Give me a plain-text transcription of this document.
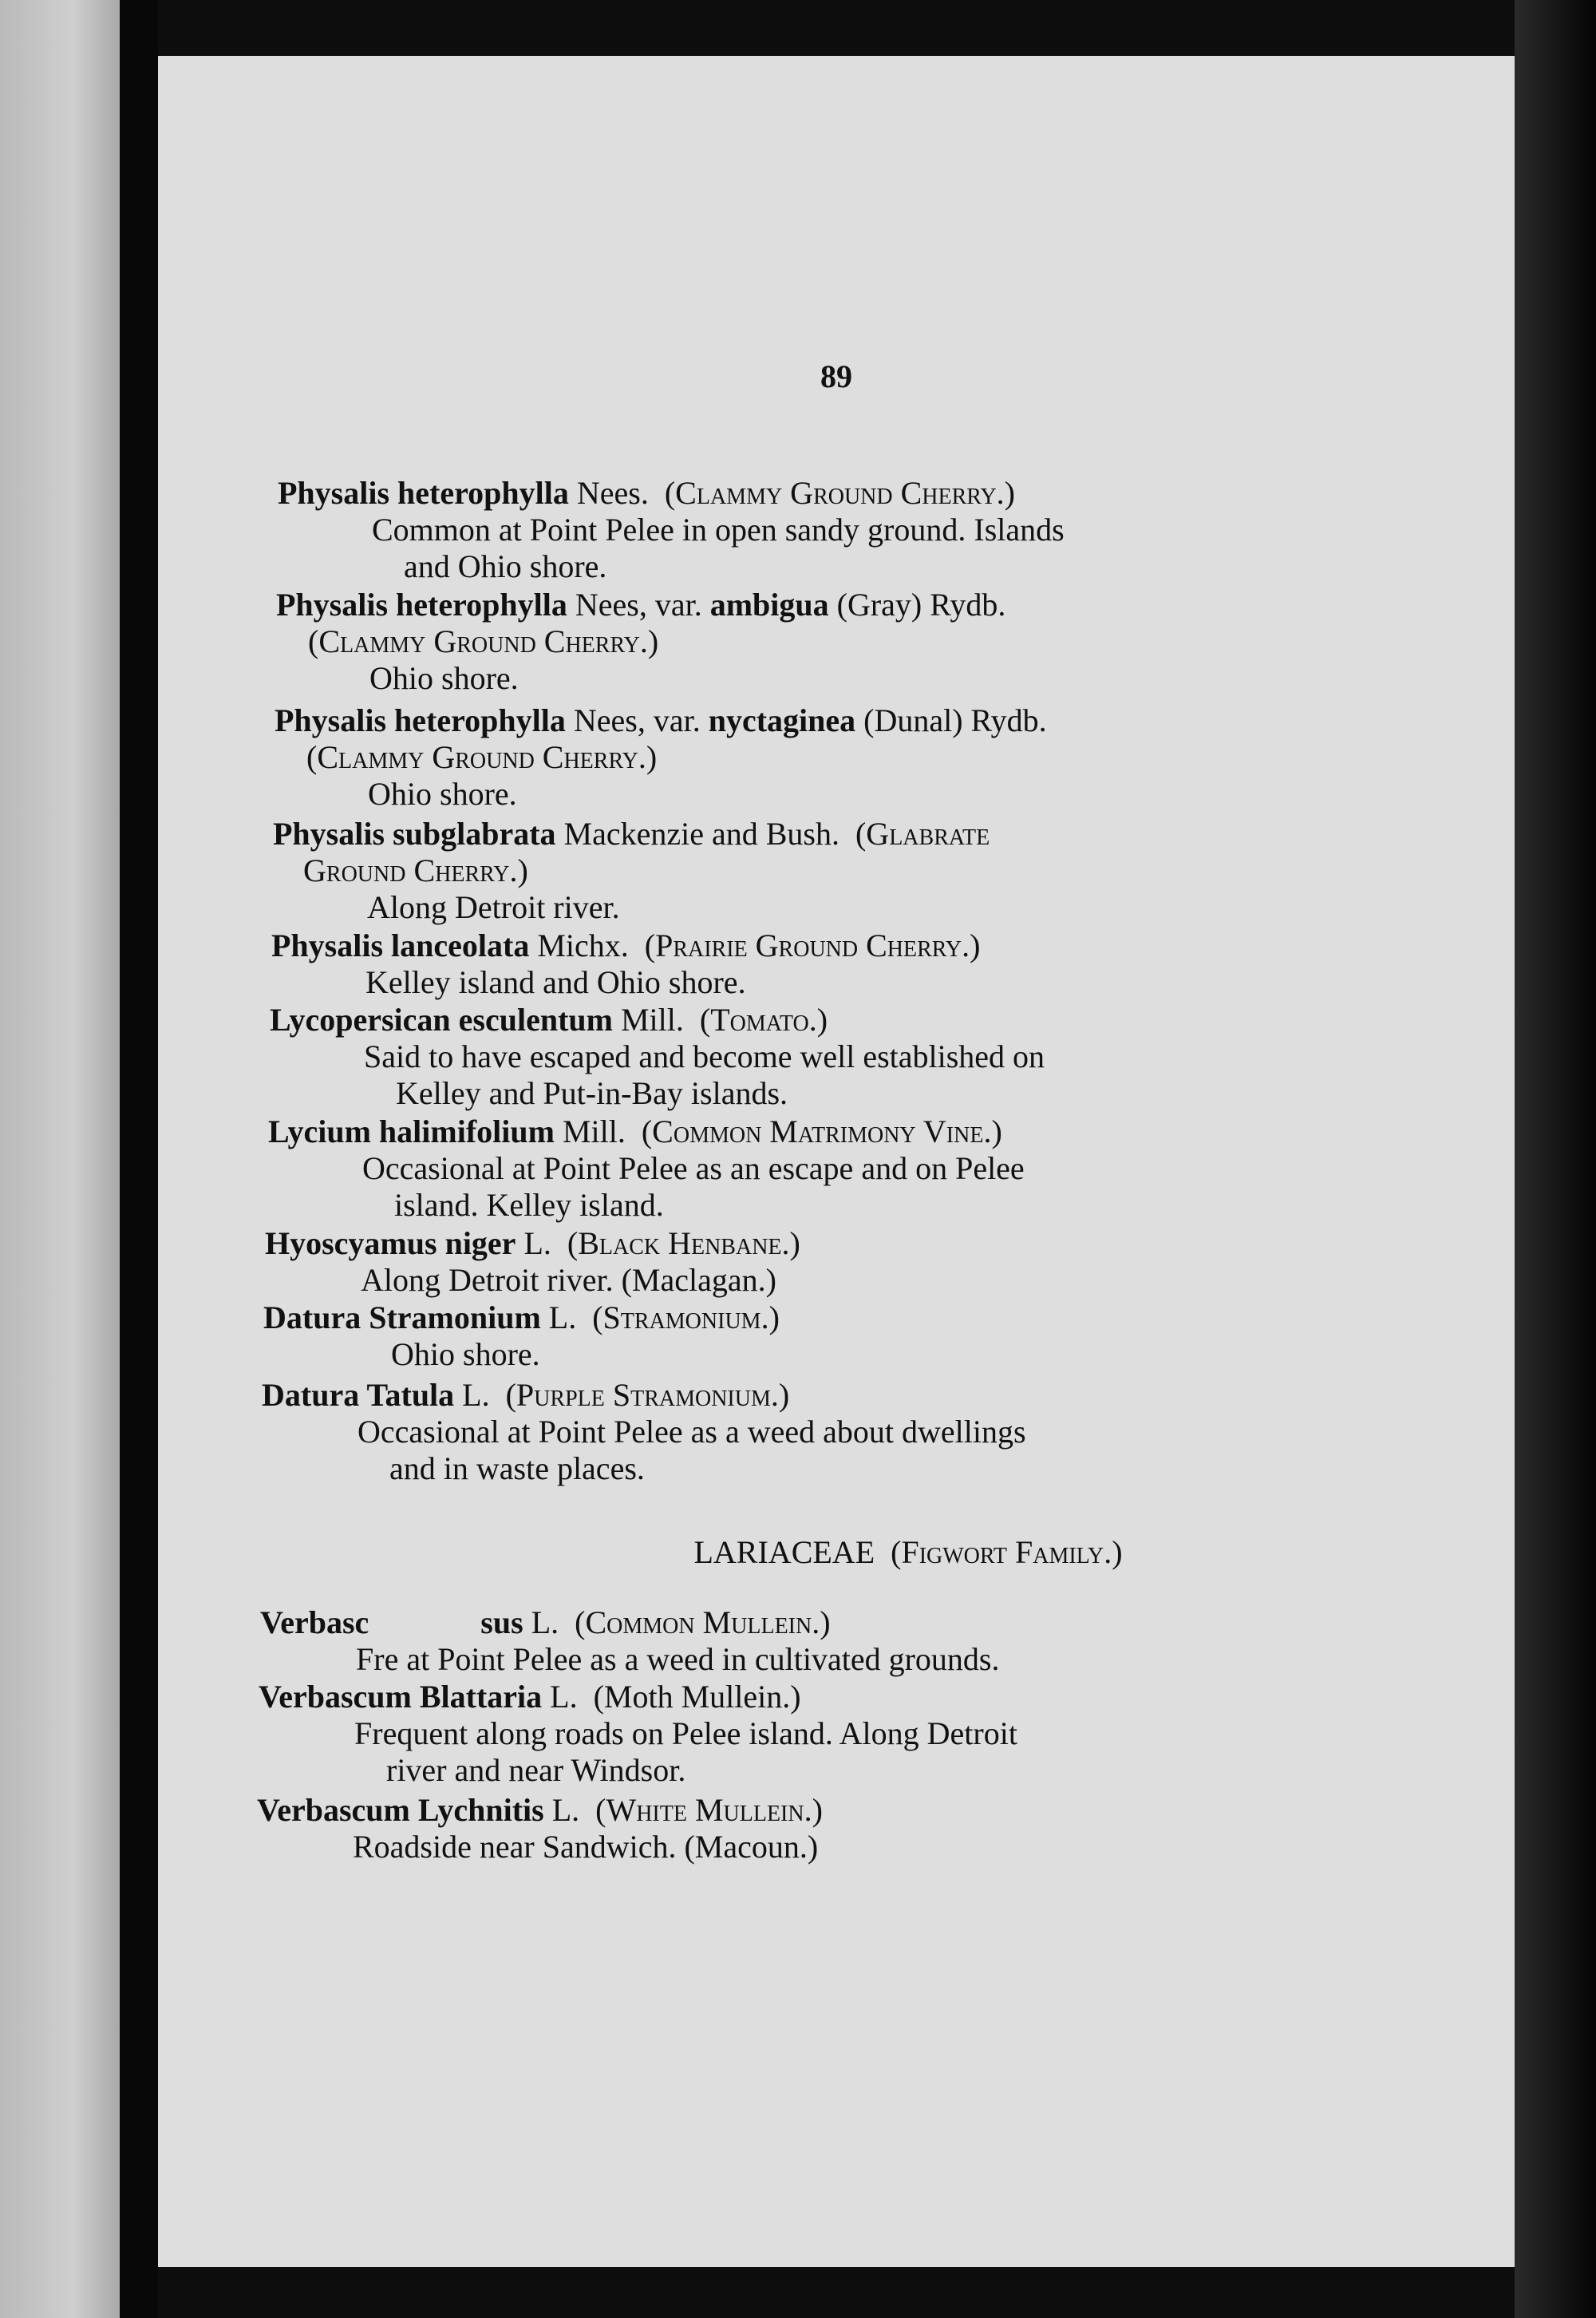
89
Physalis heterophylla Nees. (Clammy Ground Cherry.)
Common at Point Pelee in open sandy ground. Islands
and Ohio shore.
Physalis heterophylla Nees, var. ambigua (Gray) Rydb.
(Clammy Ground Cherry.)
Ohio shore.
Physalis heterophylla Nees, var. nyctaginea (Dunal) Rydb.
(Clammy Ground Cherry.)
Ohio shore.
Physalis subglabrata Mackenzie and Bush. (Glabrate
Ground Cherry.)
Along Detroit river.
Physalis lanceolata Michx. (Prairie Ground Cherry.)
Kelley island and Ohio shore.
Lycopersican esculentum Mill. (Tomato.)
Said to have escaped and become well established on
Kelley and Put-in-Bay islands.
Lycium halimifolium Mill. (Common Matrimony Vine.)
Occasional at Point Pelee as an escape and on Pelee
island. Kelley island.
Hyoscyamus niger L. (Black Henbane.)
Along Detroit river. (Maclagan.)
Datura Stramonium L. (Stramonium.)
Ohio shore.
Datura Tatula L. (Purple Stramonium.)
Occasional at Point Pelee as a weed about dwellings
and in waste places.
LARIACEAE (Figwort Family.)
Verbasc	sus L. (Common Mullein.)
Fre at Point Pelee as a weed in cultivated grounds.
Verbascum Blattaria L. (Moth Mullein.)
Frequent along roads on Pelee island. Along Detroit
river and near Windsor.
Verbascum Lychnitis L. (White Mullein.)
Roadside near Sandwich. (Macoun.)
